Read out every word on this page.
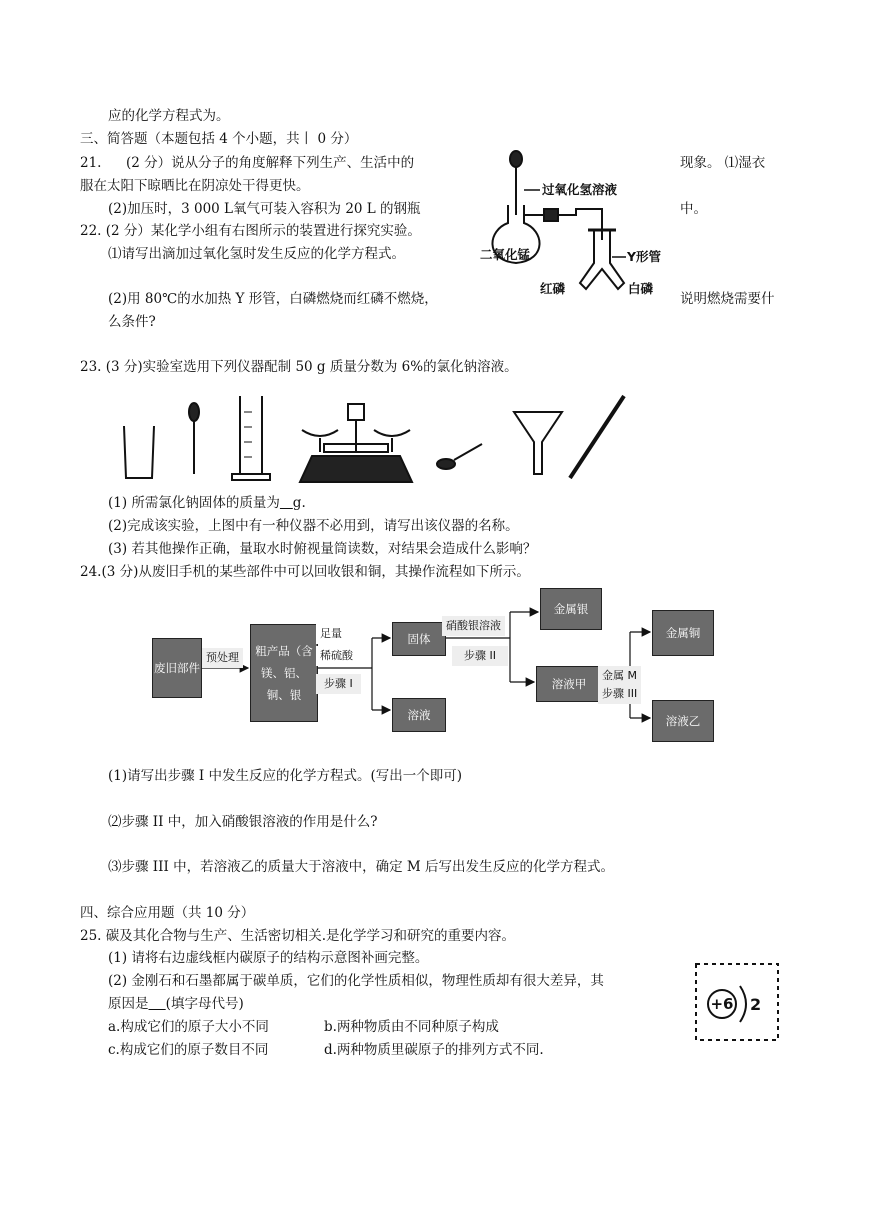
应的化学方程式为。
三、简答题（本题包括 4 个小题，共丨 0 分）
21. (2 分）说从分子的角度解释下列生产、生活中的	现象。 ⑴湿衣
服在太阳下晾晒比在阴凉处干得更快。
(2)加压时，3 000 L氧气可装入容积为 20 L 的钢瓶	中。
22. (2 分）某化学小组有右图所示的装置进行探究实验。
⑴请写出滴加过氧化氢时发生反应的化学方程式。
(2)用 80℃的水加热 Y 形管，白磷燃烧而红磷不燃烧，	说明燃烧需要什
么条件?
过氧化氢溶液
二氧化锰	Y形管
红磷	白磷
23. (3 分)实验室选用下列仪器配制 50 g 质量分数为 6%的氯化钠溶液。
(1) 所需氯化钠固体的质量为 g.
(2)完成该实验，上图中有一种仪器不必用到，请写出该仪器的名称。
(3) 若其他操作正确，量取水时俯视量筒读数，对结果会造成什么影响？
24.(3 分)从废旧手机的某些部件中可以回收银和铜，其操作流程如下所示。
废旧部件
预处理	粗产品（含镁、铝、铜、银
足量
稀硫酸
步骤 I
固体
溶液
硝酸银溶液
步骤 II
金属银
溶液甲
金属 M
步骤 III
金属铜
溶液乙
(1)请写出步骤 I 中发生反应的化学方程式。(写出一个即可)
⑵步骤 II 中，加入硝酸银溶液的作用是什么?
⑶步骤 III 中，若溶液乙的质量大于溶液中，确定 M 后写出发生反应的化学方程式。
四、综合应用题（共 10 分）
25. 碳及其化合物与生产、生活密切相关.是化学学习和研究的重要内容。
(1) 请将右边虚线框内碳原子的结构示意图补画完整。
(2) 金刚石和石墨都属于碳单质，它们的化学性质相似，物理性质却有很大差异，其
原因是 (填字母代号)
a.构成它们的原子大小不同	b.两种物质由不同种原子构成
c.构成它们的原子数目不同	d.两种物质里碳原子的排列方式不同.
+6 2
